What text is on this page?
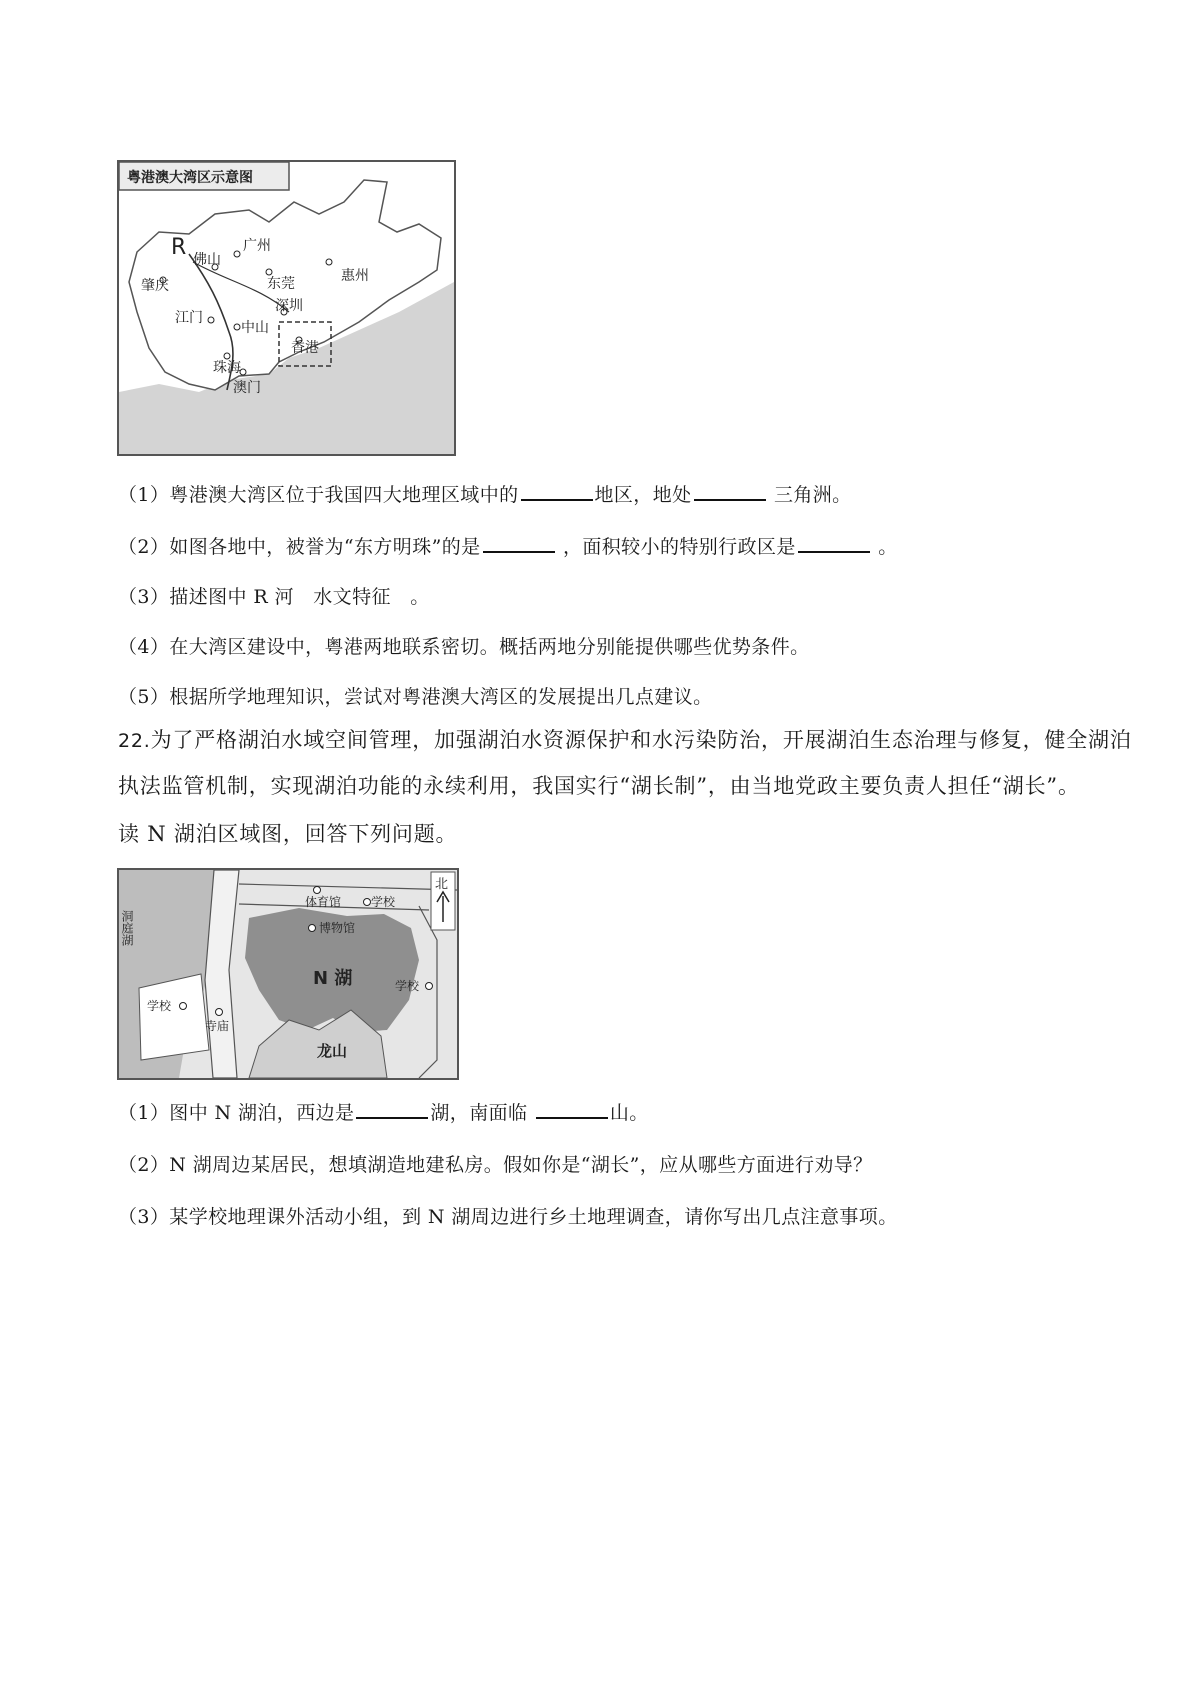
粤港澳大湾区示意图
R	广州
佛山
肇庆	东莞	惠州
深圳
江门
中山
香港
珠海
澳门
（1）粤港澳大湾区位于我国四大地理区域中的	地区，地处	三角洲。
（2）如图各地中，被誉为“东方明珠”的是	，面积较小的特别行政区是	。
（3）描述图中 R 河　水文特征　。
（4）在大湾区建设中，粤港两地联系密切。概括两地分别能提供哪些优势条件。
（5）根据所学地理知识，尝试对粤港澳大湾区的发展提出几点建议。
22.为了严格湖泊水域空间管理，加强湖泊水资源保护和水污染防治，开展湖泊生态治理与修复，健全湖泊
执法监管机制，实现湖泊功能的永续利用，我国实行“湖长制”，由当地党政主要负责人担任“湖长”。
读 N 湖泊区域图，回答下列问题。
北
洞庭湖
体育馆 学校
博物馆
学校
学校
寺庙
N 湖
龙山
（1）图中 N 湖泊，西边是	湖，南面临	山。
（2）N 湖周边某居民，想填湖造地建私房。假如你是“湖长”，应从哪些方面进行劝导？
（3）某学校地理课外活动小组，到 N 湖周边进行乡土地理调查，请你写出几点注意事项。
